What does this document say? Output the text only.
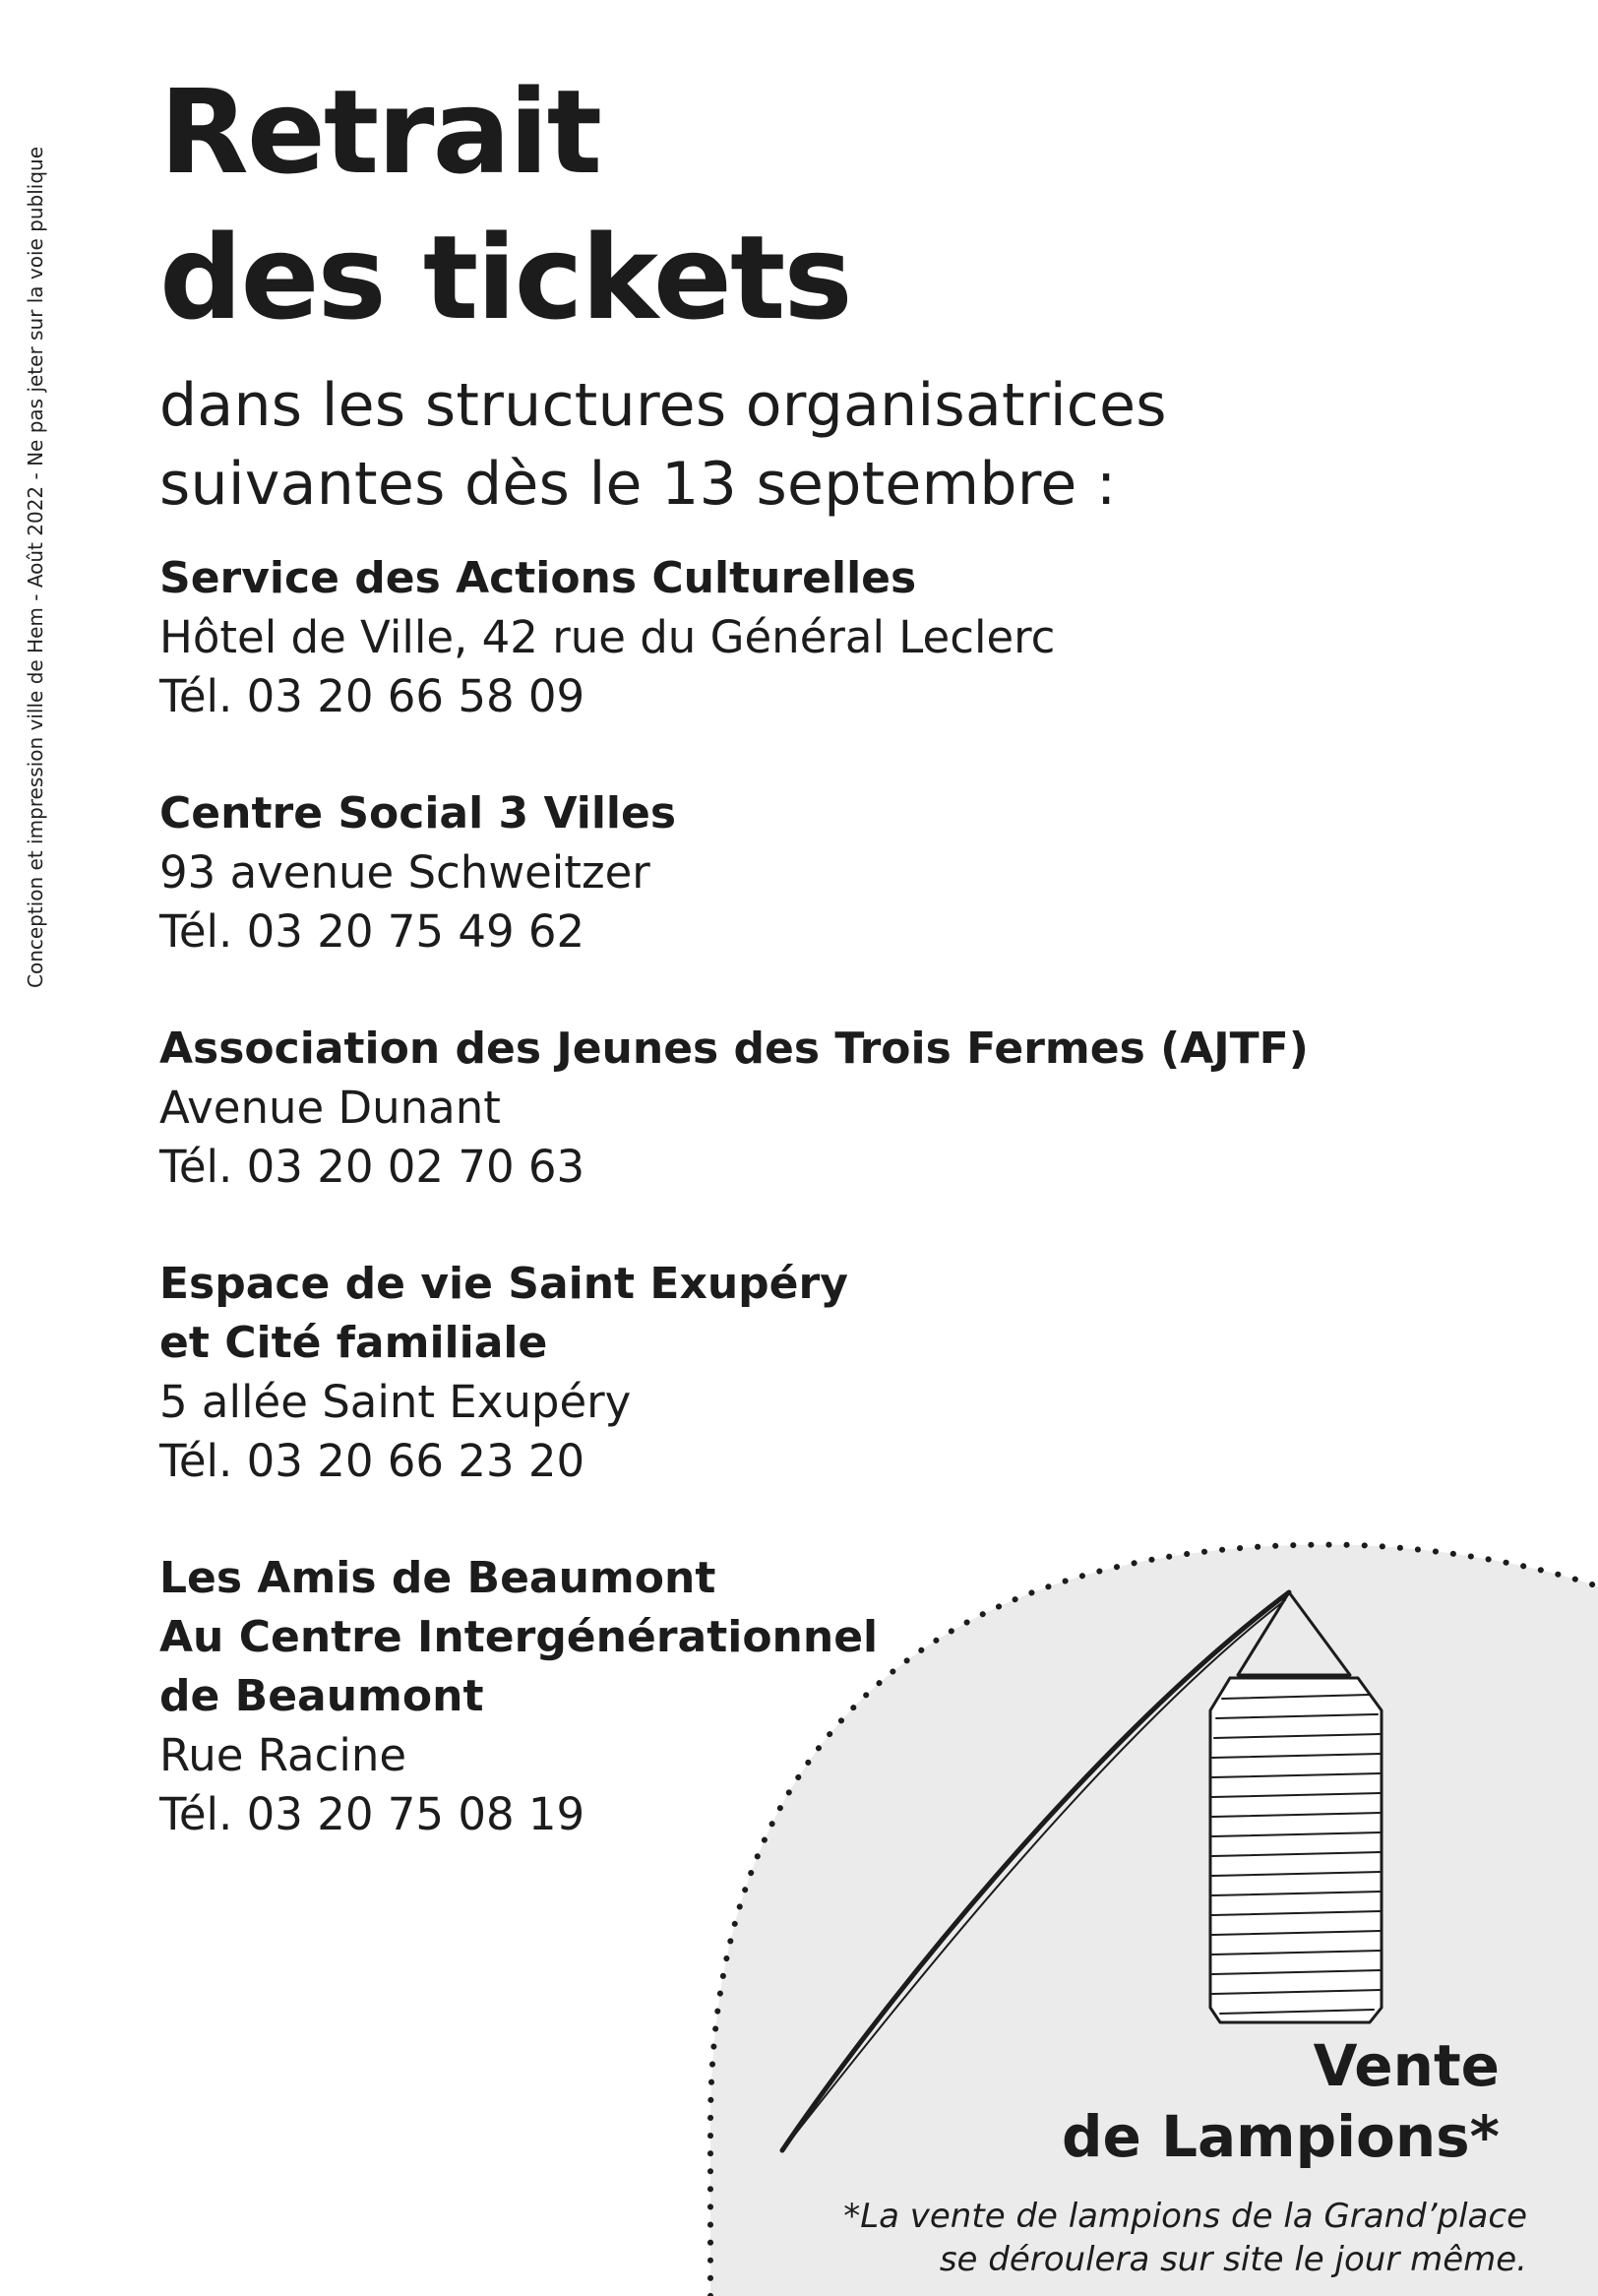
Conception et impression ville de Hem - Août 2022 - Ne pas jeter sur la voie publique
Retrait
des tickets
dans les structures organisatrices
suivantes dès le 13 septembre :
Service des Actions Culturelles
Hôtel de Ville, 42 rue du Général Leclerc
Tél. 03 20 66 58 09
Centre Social 3 Villes
93 avenue Schweitzer
Tél. 03 20 75 49 62
Association des Jeunes des Trois Fermes (AJTF)
Avenue Dunant
Tél. 03 20 02 70 63
Espace de vie Saint Exupéry
et Cité familiale
5 allée Saint Exupéry
Tél. 03 20 66 23 20
Les Amis de Beaumont
Au Centre Intergénérationnel
de Beaumont
Rue Racine
Tél. 03 20 75 08 19
Vente
de Lampions*
*La vente de lampions de la Grand’place
se déroulera sur site le jour même.
